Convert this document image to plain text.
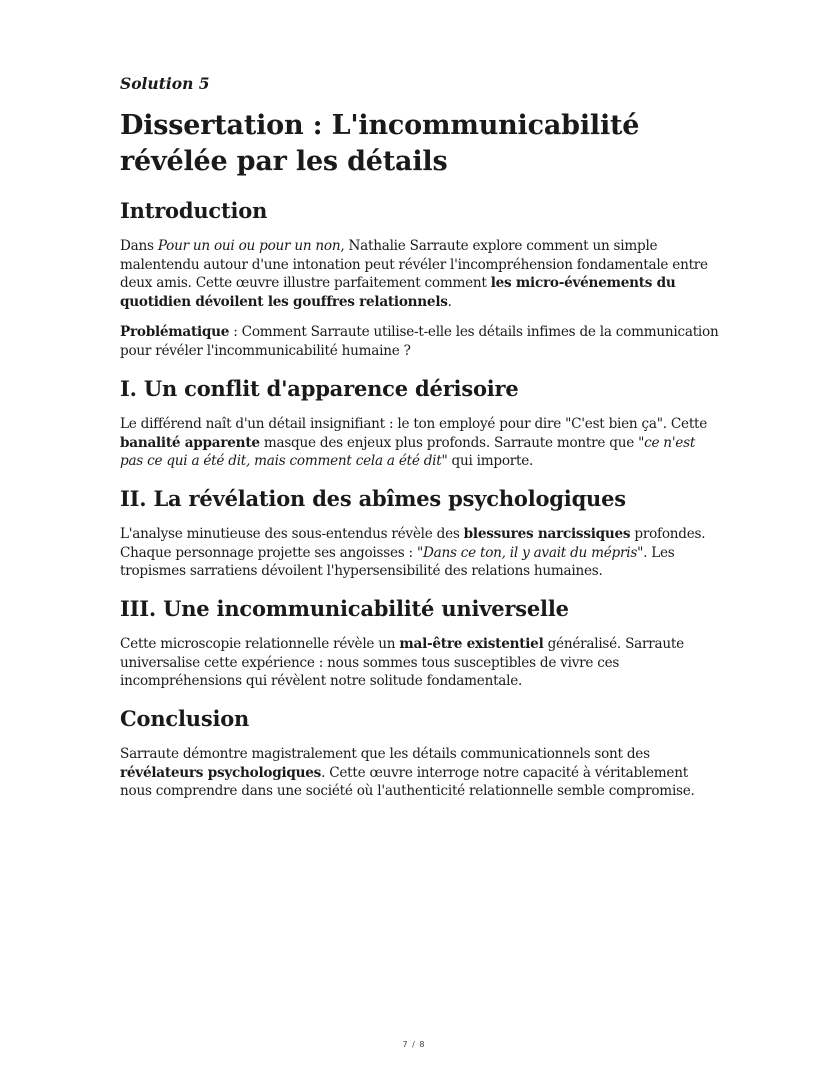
Solution 5
Dissertation : L'incommunicabilité révélée par les détails
Introduction

Dans Pour un oui ou pour un non, Nathalie Sarraute explore comment un simple malentendu autour d'une intonation peut révéler l'incompréhension fondamentale entre deux amis. Cette œuvre illustre parfaitement comment les micro-événements du quotidien dévoilent les gouffres relationnels.

Problématique : Comment Sarraute utilise-t-elle les détails infimes de la communication pour révéler l'incommunicabilité humaine ?

I. Un conflit d'apparence dérisoire

Le différend naît d'un détail insignifiant : le ton employé pour dire "C'est bien ça". Cette banalité apparente masque des enjeux plus profonds. Sarraute montre que "ce n'est pas ce qui a été dit, mais comment cela a été dit" qui importe.

II. La révélation des abîmes psychologiques

L'analyse minutieuse des sous-entendus révèle des blessures narcissiques profondes. Chaque personnage projette ses angoisses : "Dans ce ton, il y avait du mépris". Les tropismes sarratiens dévoilent l'hypersensibilité des relations humaines.

III. Une incommunicabilité universelle

Cette microscopie relationnelle révèle un mal-être existentiel généralisé. Sarraute universalise cette expérience : nous sommes tous susceptibles de vivre ces incompréhensions qui révèlent notre solitude fondamentale.

Conclusion

Sarraute démontre magistralement que les détails communicationnels sont des révélateurs psychologiques. Cette œuvre interroge notre capacité à véritablement nous comprendre dans une société où l'authenticité relationnelle semble compromise.

7 / 8
